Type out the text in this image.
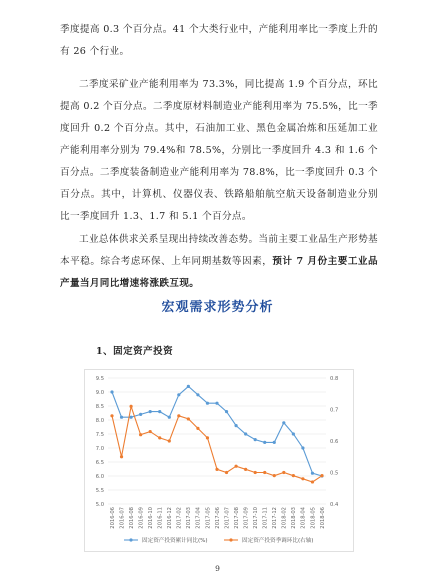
季度提高 0.3 个百分点。41 个大类行业中，产能利用率比一季度上升的有 26 个行业。
二季度采矿业产能利用率为 73.3%，同比提高 1.9 个百分点，环比提高 0.2 个百分点。二季度原材料制造业产能利用率为 75.5%，比一季度回升 0.2 个百分点。其中，石油加工业、黑色金属冶炼和压延加工业产能利用率分别为 79.4%和 78.5%，分别比一季度回升 4.3 和 1.6 个百分点。二季度装备制造业产能利用率为 78.8%，比一季度回升 0.3 个百分点。其中，计算机、仪器仪表、铁路船舶航空航天设备制造业分别比一季度回升 1.3、1.7 和 5.1 个百分点。
工业总体供求关系呈现出持续改善态势。当前主要工业品生产形势基本平稳。综合考虑环保、上年同期基数等因素，预计 7 月份主要工业品产量当月同比增速将涨跌互现。
宏观需求形势分析
1、固定资产投资
9.5
9.0
8.5
8.0
7.5
7.0
6.5
6.0
5.5
5.0
0.8
0.7
0.6
0.5
0.4
2016-06 2016-07 2016-08 2016-09 2016-10 2016-11 2016-12 2017-02 2017-03 2017-04 2017-05 2017-06 2017-07 2017-08 2017-09 2017-10 2017-11 2017-12 2018-02 2018-03 2018-04 2018-05 2018-06
固定资产投资累计同比(%)	固定资产投资季调环比(右轴)
9
